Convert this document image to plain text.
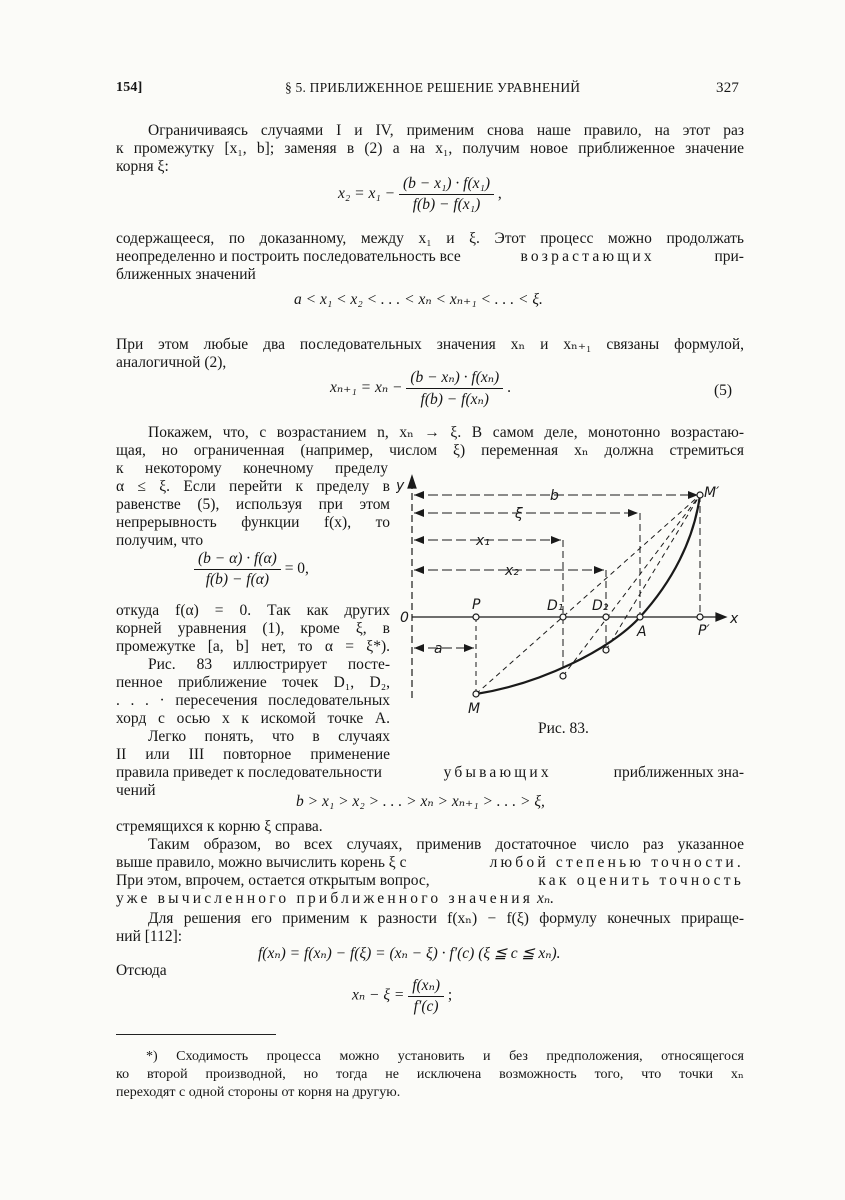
154]	§ 5. ПРИБЛИЖЕННОЕ РЕШЕНИЕ УРАВНЕНИЙ	327
Ограничиваясь случаями I и IV, применим снова наше правило, на этот раз
к промежутку [x₁, b]; заменяя в (2) a на x₁, получим новое приближенное значение
корня ξ:
$x_2 = x_1 - \frac{\text{(b − x₁) · f(x₁)}}{\text{f(b) − f(x₁)}}$ ,
содержащееся, по доказанному, между x₁ и ξ. Этот процесс можно продолжать
неопределенно и построить последовательность все	возрастающих	при-
ближенных значений
a < x₁ < x₂ < . . . < xₙ < xₙ₊₁ < . . . < ξ.
При этом любые два последовательных значения xₙ и xₙ₊₁ связаны формулой,
аналогичной (2),
$x_{n+1} = x_n - \frac{\text{(b − xₙ) · f(xₙ)}}{\text{f(b) − f(xₙ)}}$ .	(5)
Покажем, что, с возрастанием n, xₙ → ξ. В самом деле, монотонно возрастаю-
щая, но ограниченная (например, числом ξ) переменная xₙ должна стремиться
к некоторому конечному пределу
α ≤ ξ. Если перейти к пределу в
равенстве (5), используя при этом
непрерывность функции f(x), то
получим, что
$\frac{(b - \alpha) \cdot f(\alpha)}{f(b) - f(\alpha)} = 0$,
откуда f(α) = 0. Так как других
корней уравнения (1), кроме ξ, в
промежутке [a, b] нет, то α = ξ*).
Рис. 83 иллюстрирует посте-
пенное приближение точек D₁, D₂,
. . . · пересечения последовательных
хорд с осью x к искомой точке A.
Легко понять, что в случаях
II или III повторное применение
правила приведет к последовательности	убывающих	приближенных зна-
чений
b > x₁ > x₂ > . . . > xₙ > xₙ₊₁ > . . . > ξ,
стремящихся к корню ξ справа.
Таким образом, во всех случаях, применив достаточное число раз указанное
выше правило, можно вычислить корень ξ с	любой степенью точности.
При этом, впрочем, остается открытым вопрос,	как оценить точность
уже вычисленного приближенного значения xₙ.
Для решения его применим к разности f(xₙ) − f(ξ) формулу конечных прираще-
ний [112]:
f(xₙ) = f(xₙ) − f(ξ) = (xₙ − ξ) · f′(c) (ξ ≦ c ≦ xₙ).
Отсюда
$x_n - \xi = \frac{\text{f(xₙ)}}{f'(c)}$ ;
*) Сходимость процесса можно установить и без предположения, относящегося
ко второй производной, но тогда не исключена возможность того, что точки xₙ
переходят с одной стороны от корня на другую.
y
x
0
b
ξ
x₁
x₂
a
P	D₁ D₂
A	P′
M
M′
Рис. 83.
